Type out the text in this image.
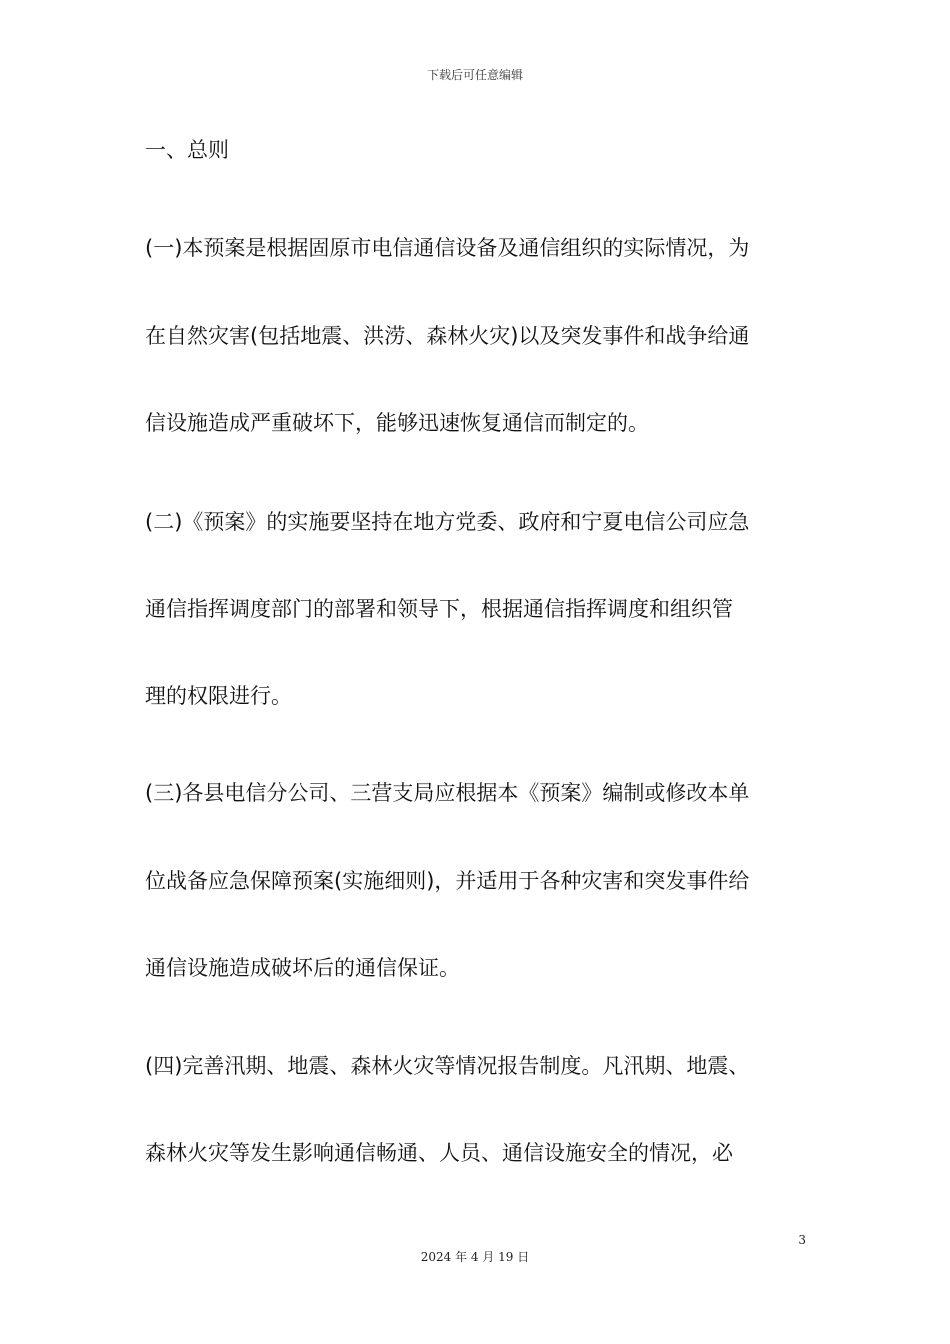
下载后可任意编辑
一、总则
(一)本预案是根据固原市电信通信设备及通信组织的实际情况，为
在自然灾害(包括地震、洪涝、森林火灾)以及突发事件和战争给通
信设施造成严重破坏下，能够迅速恢复通信而制定的。
(二)《预案》的实施要坚持在地方党委、政府和宁夏电信公司应急
通信指挥调度部门的部署和领导下，根据通信指挥调度和组织管
理的权限进行。
(三)各县电信分公司、三营支局应根据本《预案》编制或修改本单
位战备应急保障预案(实施细则)，并适用于各种灾害和突发事件给
通信设施造成破坏后的通信保证。
(四)完善汛期、地震、森林火灾等情况报告制度。凡汛期、地震、
森林火灾等发生影响通信畅通、人员、通信设施安全的情况，必
3
2024 年 4 月 19 日
